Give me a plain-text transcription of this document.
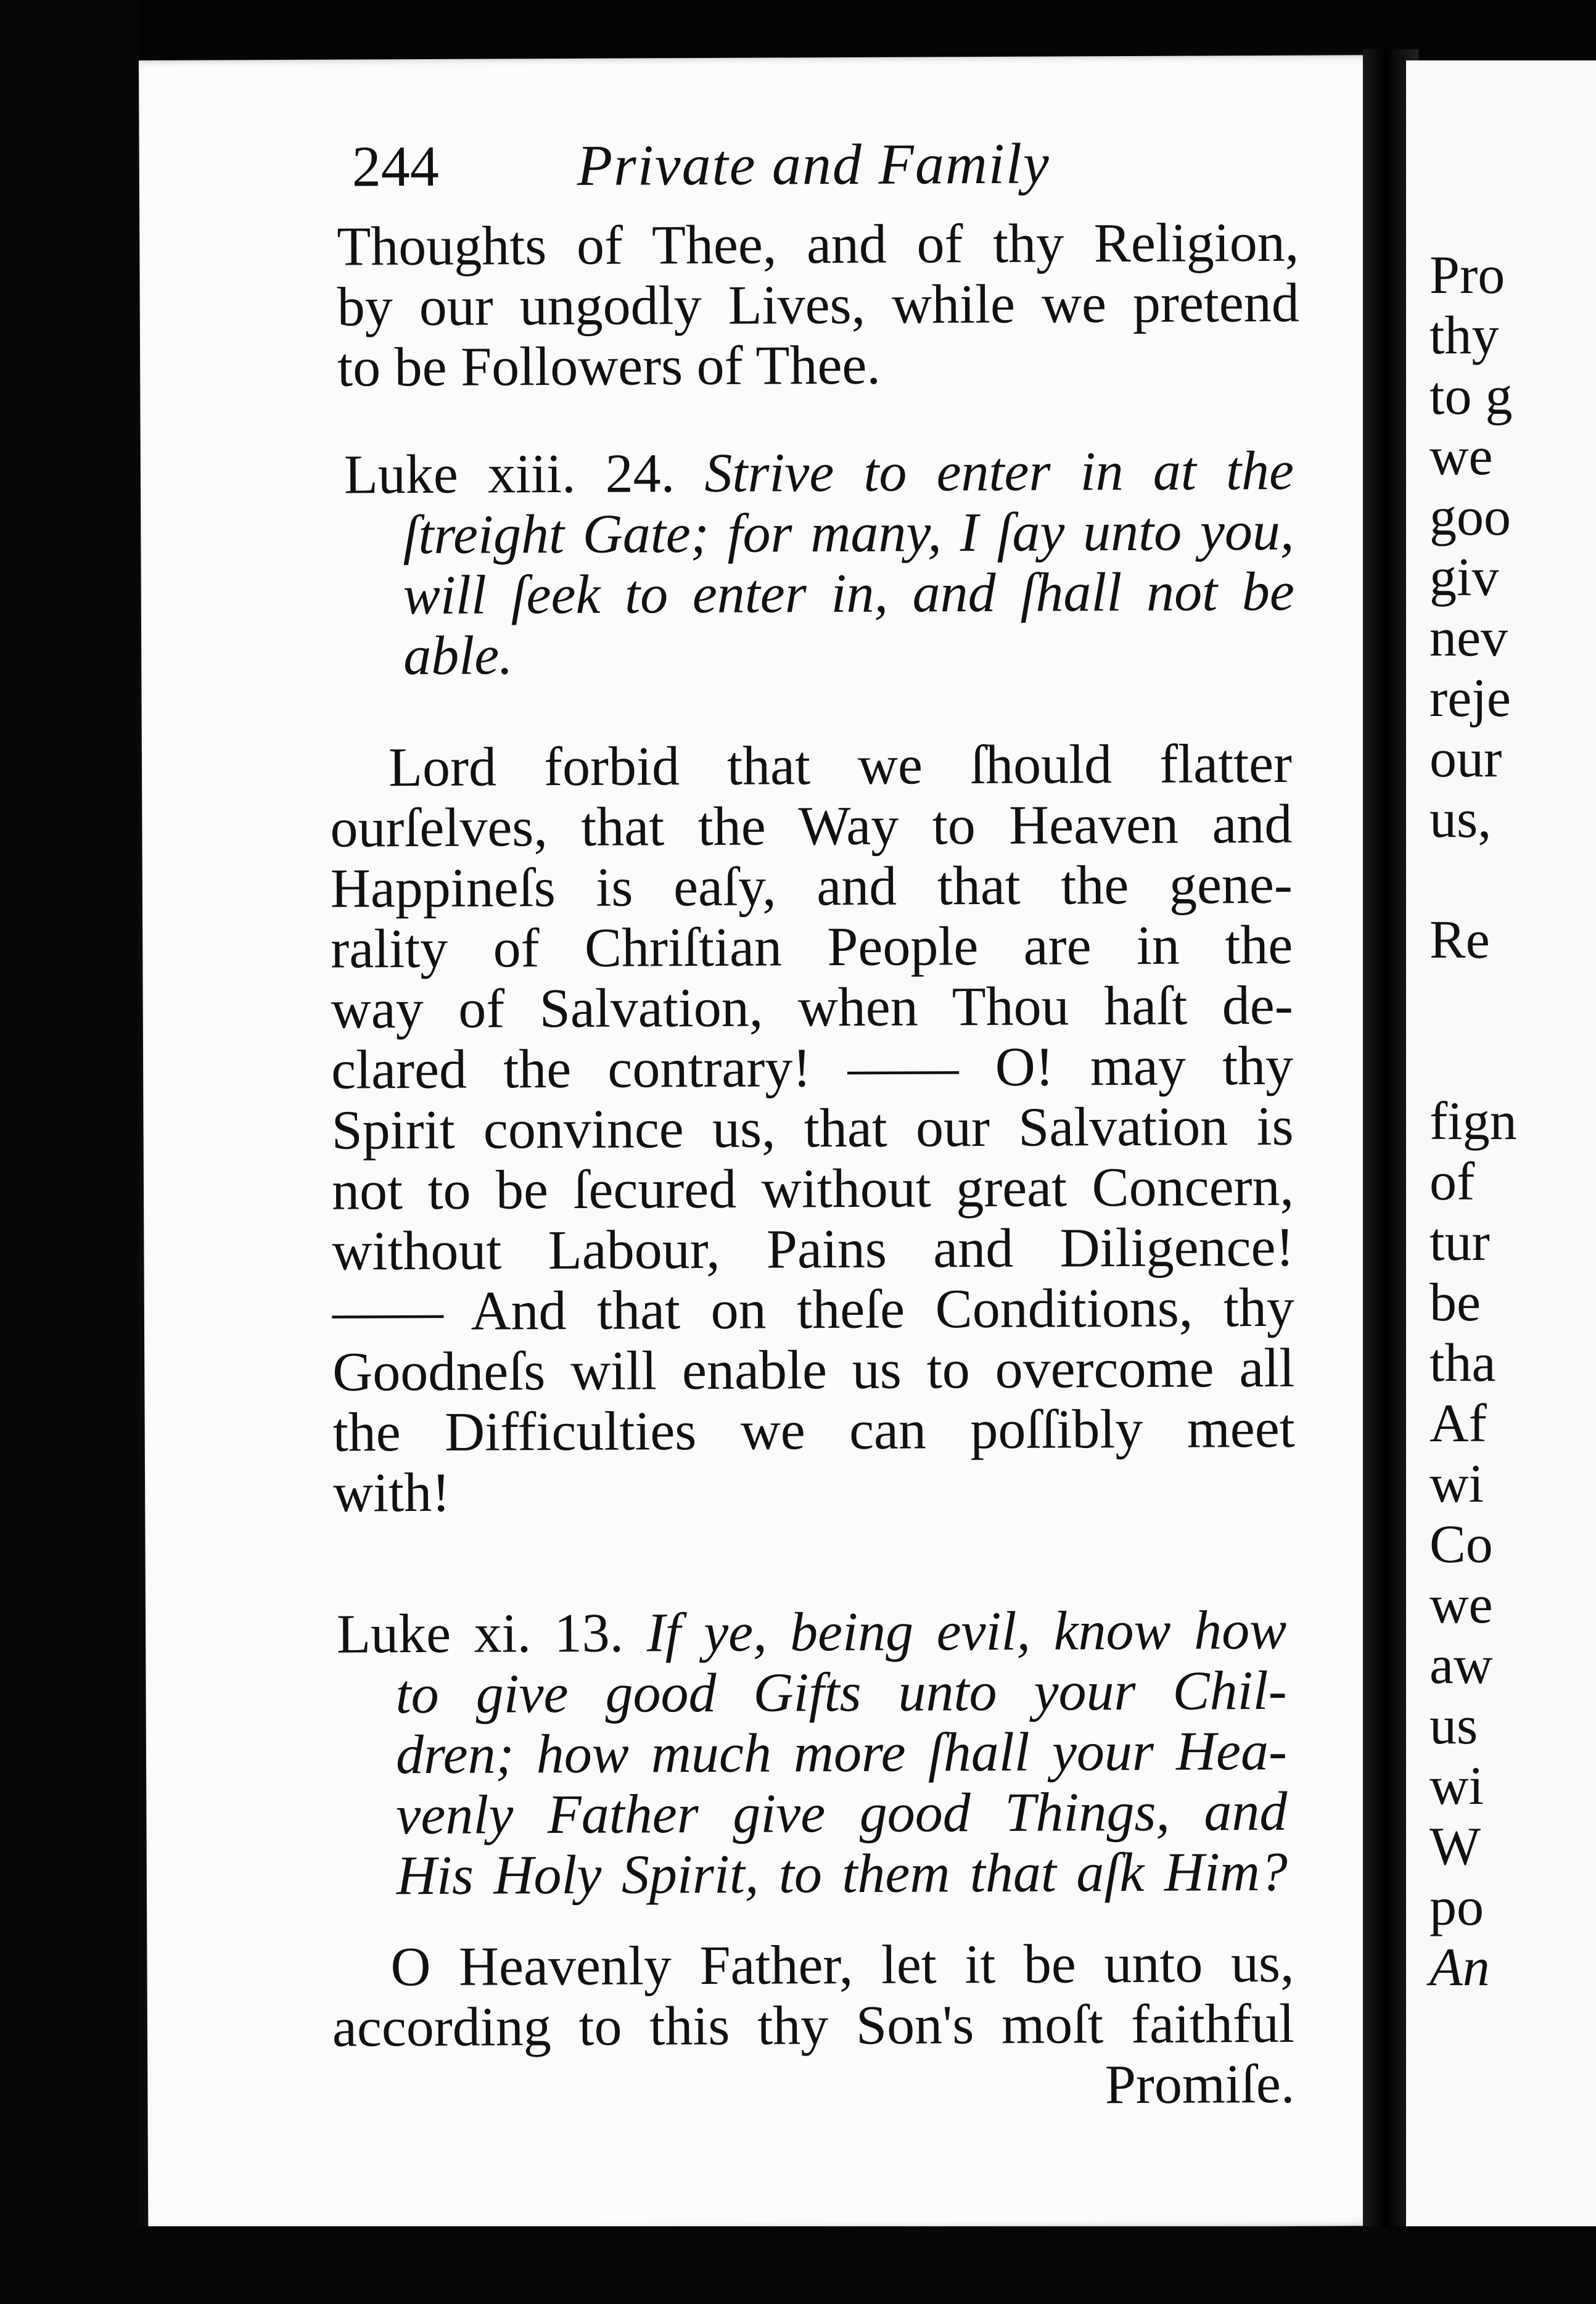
244 Private and Family
Thoughts of Thee, and of thy Religion,
by our ungodly Lives, while we pretend
to be Followers of Thee.
Luke xiii. 24. Strive to enter in at the
ſtreight Gate; for many, I ſay unto you,
will ſeek to enter in, and ſhall not be
able.
Lord forbid that we ſhould flatter
ourſelves, that the Way to Heaven and
Happineſs is eaſy, and that the gene-
rality of Chriſtian People are in the
way of Salvation, when Thou haſt de-
clared the contrary! —— O! may thy
Spirit convince us, that our Salvation is
not to be ſecured without great Concern,
without Labour, Pains and Diligence!
—— And that on theſe Conditions, thy
Goodneſs will enable us to overcome all
the Difficulties we can poſſibly meet
with!
Luke xi. 13. If ye, being evil, know how
to give good Gifts unto your Chil-
dren; how much more ſhall your Hea-
venly Father give good Things, and
His Holy Spirit, to them that aſk Him?
O Heavenly Father, let it be unto us,
according to this thy Son's moſt faithful
Promiſe.
Pro
thy
to g
we
goo
giv
nev
reje
our
us,

Re

fign
of
tur
be
tha
Af
wi
Co
we
aw
us
wi
W
po
An
